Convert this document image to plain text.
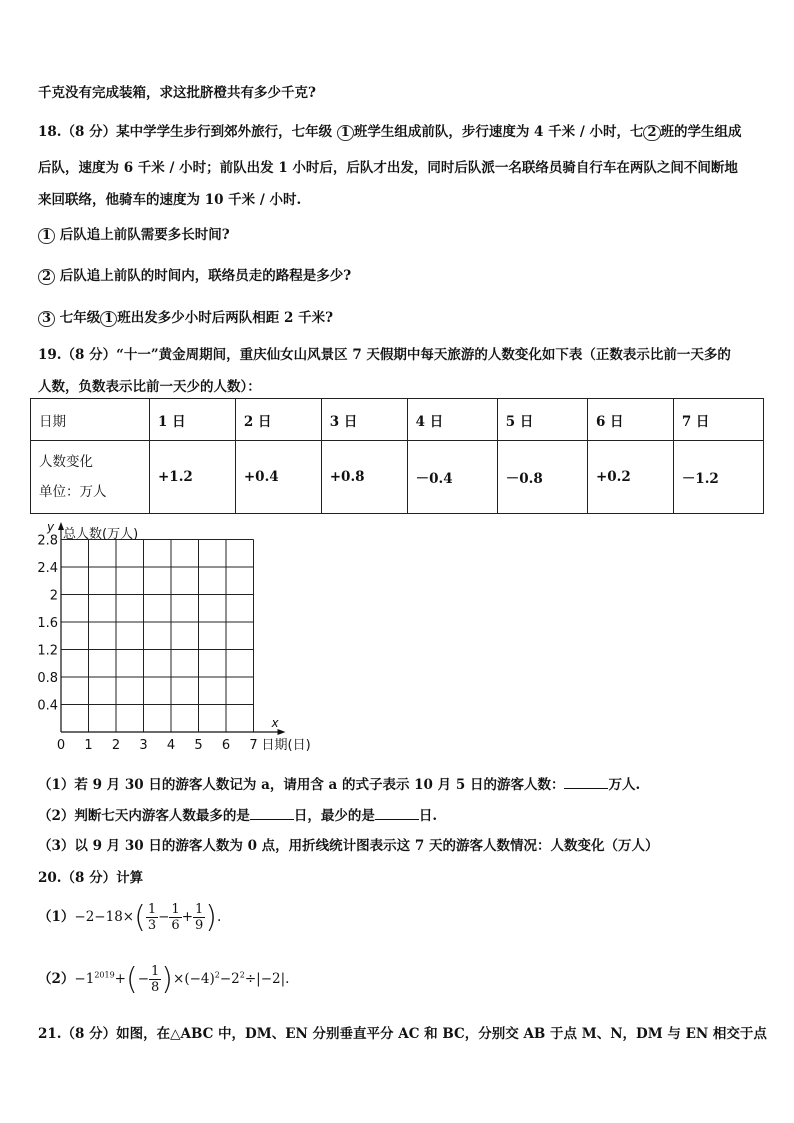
千克没有完成装箱，求这批脐橙共有多少千克?
18.（8 分）某中学学生步行到郊外旅行，七年级 1 班学生组成前队，步行速度为 4 千米 / 小时，七 2 班的学生组成
后队，速度为 6 千米 / 小时；前队出发 1 小时后，后队才出发，同时后队派一名联络员骑自行车在两队之间不间断地
来回联络，他骑车的速度为 10 千米 / 小时.
1 后队追上前队需要多长时间?
2 后队追上前队的时间内，联络员走的路程是多少?
3 七年级 1 班出发多少小时后两队相距 2 千米?
19.（8 分）“十一”黄金周期间，重庆仙女山风景区 7 天假期中每天旅游的人数变化如下表（正数表示比前一天多的
人数，负数表示比前一天少的人数）：
日期	1 日	2 日	3 日	4 日	5 日	6 日	7 日

人数变化
单位：万人	+1.2	+0.4	+0.8	－0.4	－0.8	+0.2	－1.2
0 1 2 3 4 5 6 7
0.4
0.8
1.2
1.6
2
2.4
2.8
y 总人数(万人)
x
日期(日)
（1）若 9 月 30 日的游客人数记为 a，请用含 a 的式子表示 10 月 5 日的游客人数：	万人.
（2）判断七天内游客人数最多的是	日，最少的是	日.
（3）以 9 月 30 日的游客人数为 0 点，用折线统计图表示这 7 天的游客人数情况：人数变化（万人）
20.（8 分）计算
$(1)-2-18\times( \frac{1}{3} - \frac{1}{6} + \frac{1}{9}$ ).
$(2)-1^{2019}+(- \frac{1}{8} )\times(-4)^2-2^2\div|-2|$.
21.（8 分）如图，在△ABC 中，DM、EN 分别垂直平分 AC 和 BC，分别交 AB 于点 M、N，DM 与 EN 相交于点
